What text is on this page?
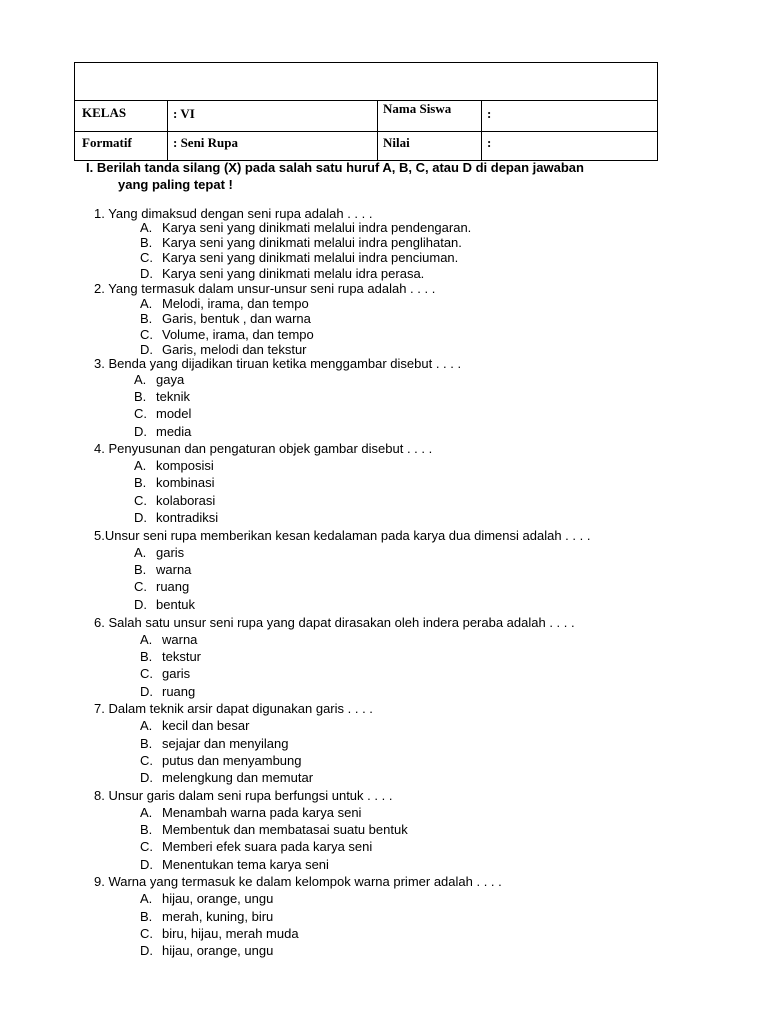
KELAS	: VI	Nama Siswa	:
Formatif	: Seni Rupa	Nilai	:
I. Berilah tanda silang (X) pada salah satu huruf A, B, C, atau D di depan jawaban
yang paling tepat !
1. Yang dimaksud dengan seni rupa adalah . . . .
A. Karya seni yang dinikmati melalui indra pendengaran.
B. Karya seni yang dinikmati melalui indra penglihatan.
C. Karya seni yang dinikmati melalui indra penciuman.
D. Karya seni yang dinikmati melalu idra perasa.
2. Yang termasuk dalam unsur-unsur seni rupa adalah . . . .
A. Melodi, irama, dan tempo
B. Garis, bentuk , dan warna
C. Volume, irama, dan tempo
D. Garis, melodi dan tekstur
3. Benda yang dijadikan tiruan ketika menggambar disebut . . . .
A. gaya
B. teknik
C. model
D. media
4. Penyusunan dan pengaturan objek gambar disebut . . . .
A. komposisi
B. kombinasi
C. kolaborasi
D. kontradiksi
5.Unsur seni rupa memberikan kesan kedalaman pada karya dua dimensi adalah . . . .
A. garis
B. warna
C. ruang
D. bentuk
6. Salah satu unsur seni rupa yang dapat dirasakan oleh indera peraba adalah . . . .
A. warna
B. tekstur
C. garis
D. ruang
7. Dalam teknik arsir dapat digunakan garis . . . .
A. kecil dan besar
B. sejajar dan menyilang
C. putus dan menyambung
D. melengkung dan memutar
8. Unsur garis dalam seni rupa berfungsi untuk . . . .
A. Menambah warna pada karya seni
B. Membentuk dan membatasai suatu bentuk
C. Memberi efek suara pada karya seni
D. Menentukan tema karya seni
9. Warna yang termasuk ke dalam kelompok warna primer adalah . . . .
A. hijau, orange, ungu
B. merah, kuning, biru
C. biru, hijau, merah muda
D. hijau, orange, ungu
